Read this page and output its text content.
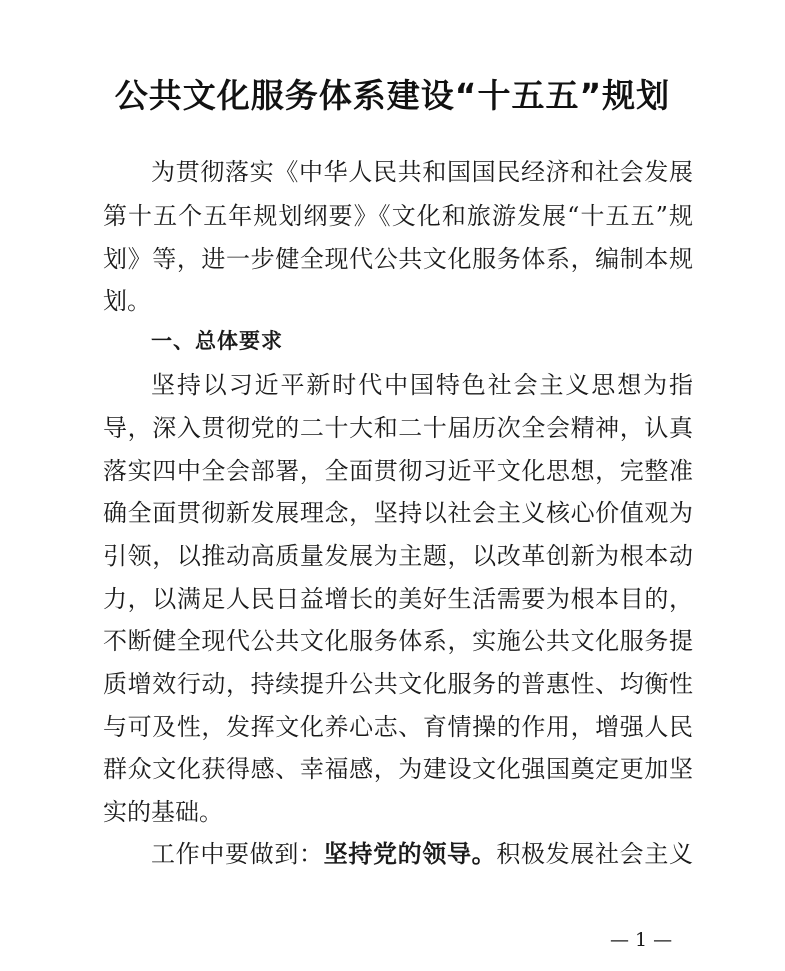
公共文化服务体系建设“十五五”规划

为贯彻落实《中华人民共和国国民经济和社会发展

第十五个五年规划纲要》《文化和旅游发展“十五五”规

划》等，进一步健全现代公共文化服务体系，编制本规

划。

一、总体要求

坚持以习近平新时代中国特色社会主义思想为指

导，深入贯彻党的二十大和二十届历次全会精神，认真

落实四中全会部署，全面贯彻习近平文化思想，完整准

确全面贯彻新发展理念，坚持以社会主义核心价值观为

引领，以推动高质量发展为主题，以改革创新为根本动

力，以满足人民日益增长的美好生活需要为根本目的，

不断健全现代公共文化服务体系，实施公共文化服务提

质增效行动，持续提升公共文化服务的普惠性、均衡性

与可及性，发挥文化养心志、育情操的作用，增强人民

群众文化获得感、幸福感，为建设文化强国奠定更加坚

实的基础。

工作中要做到：坚持党的领导。积极发展社会主义

— 1 —
